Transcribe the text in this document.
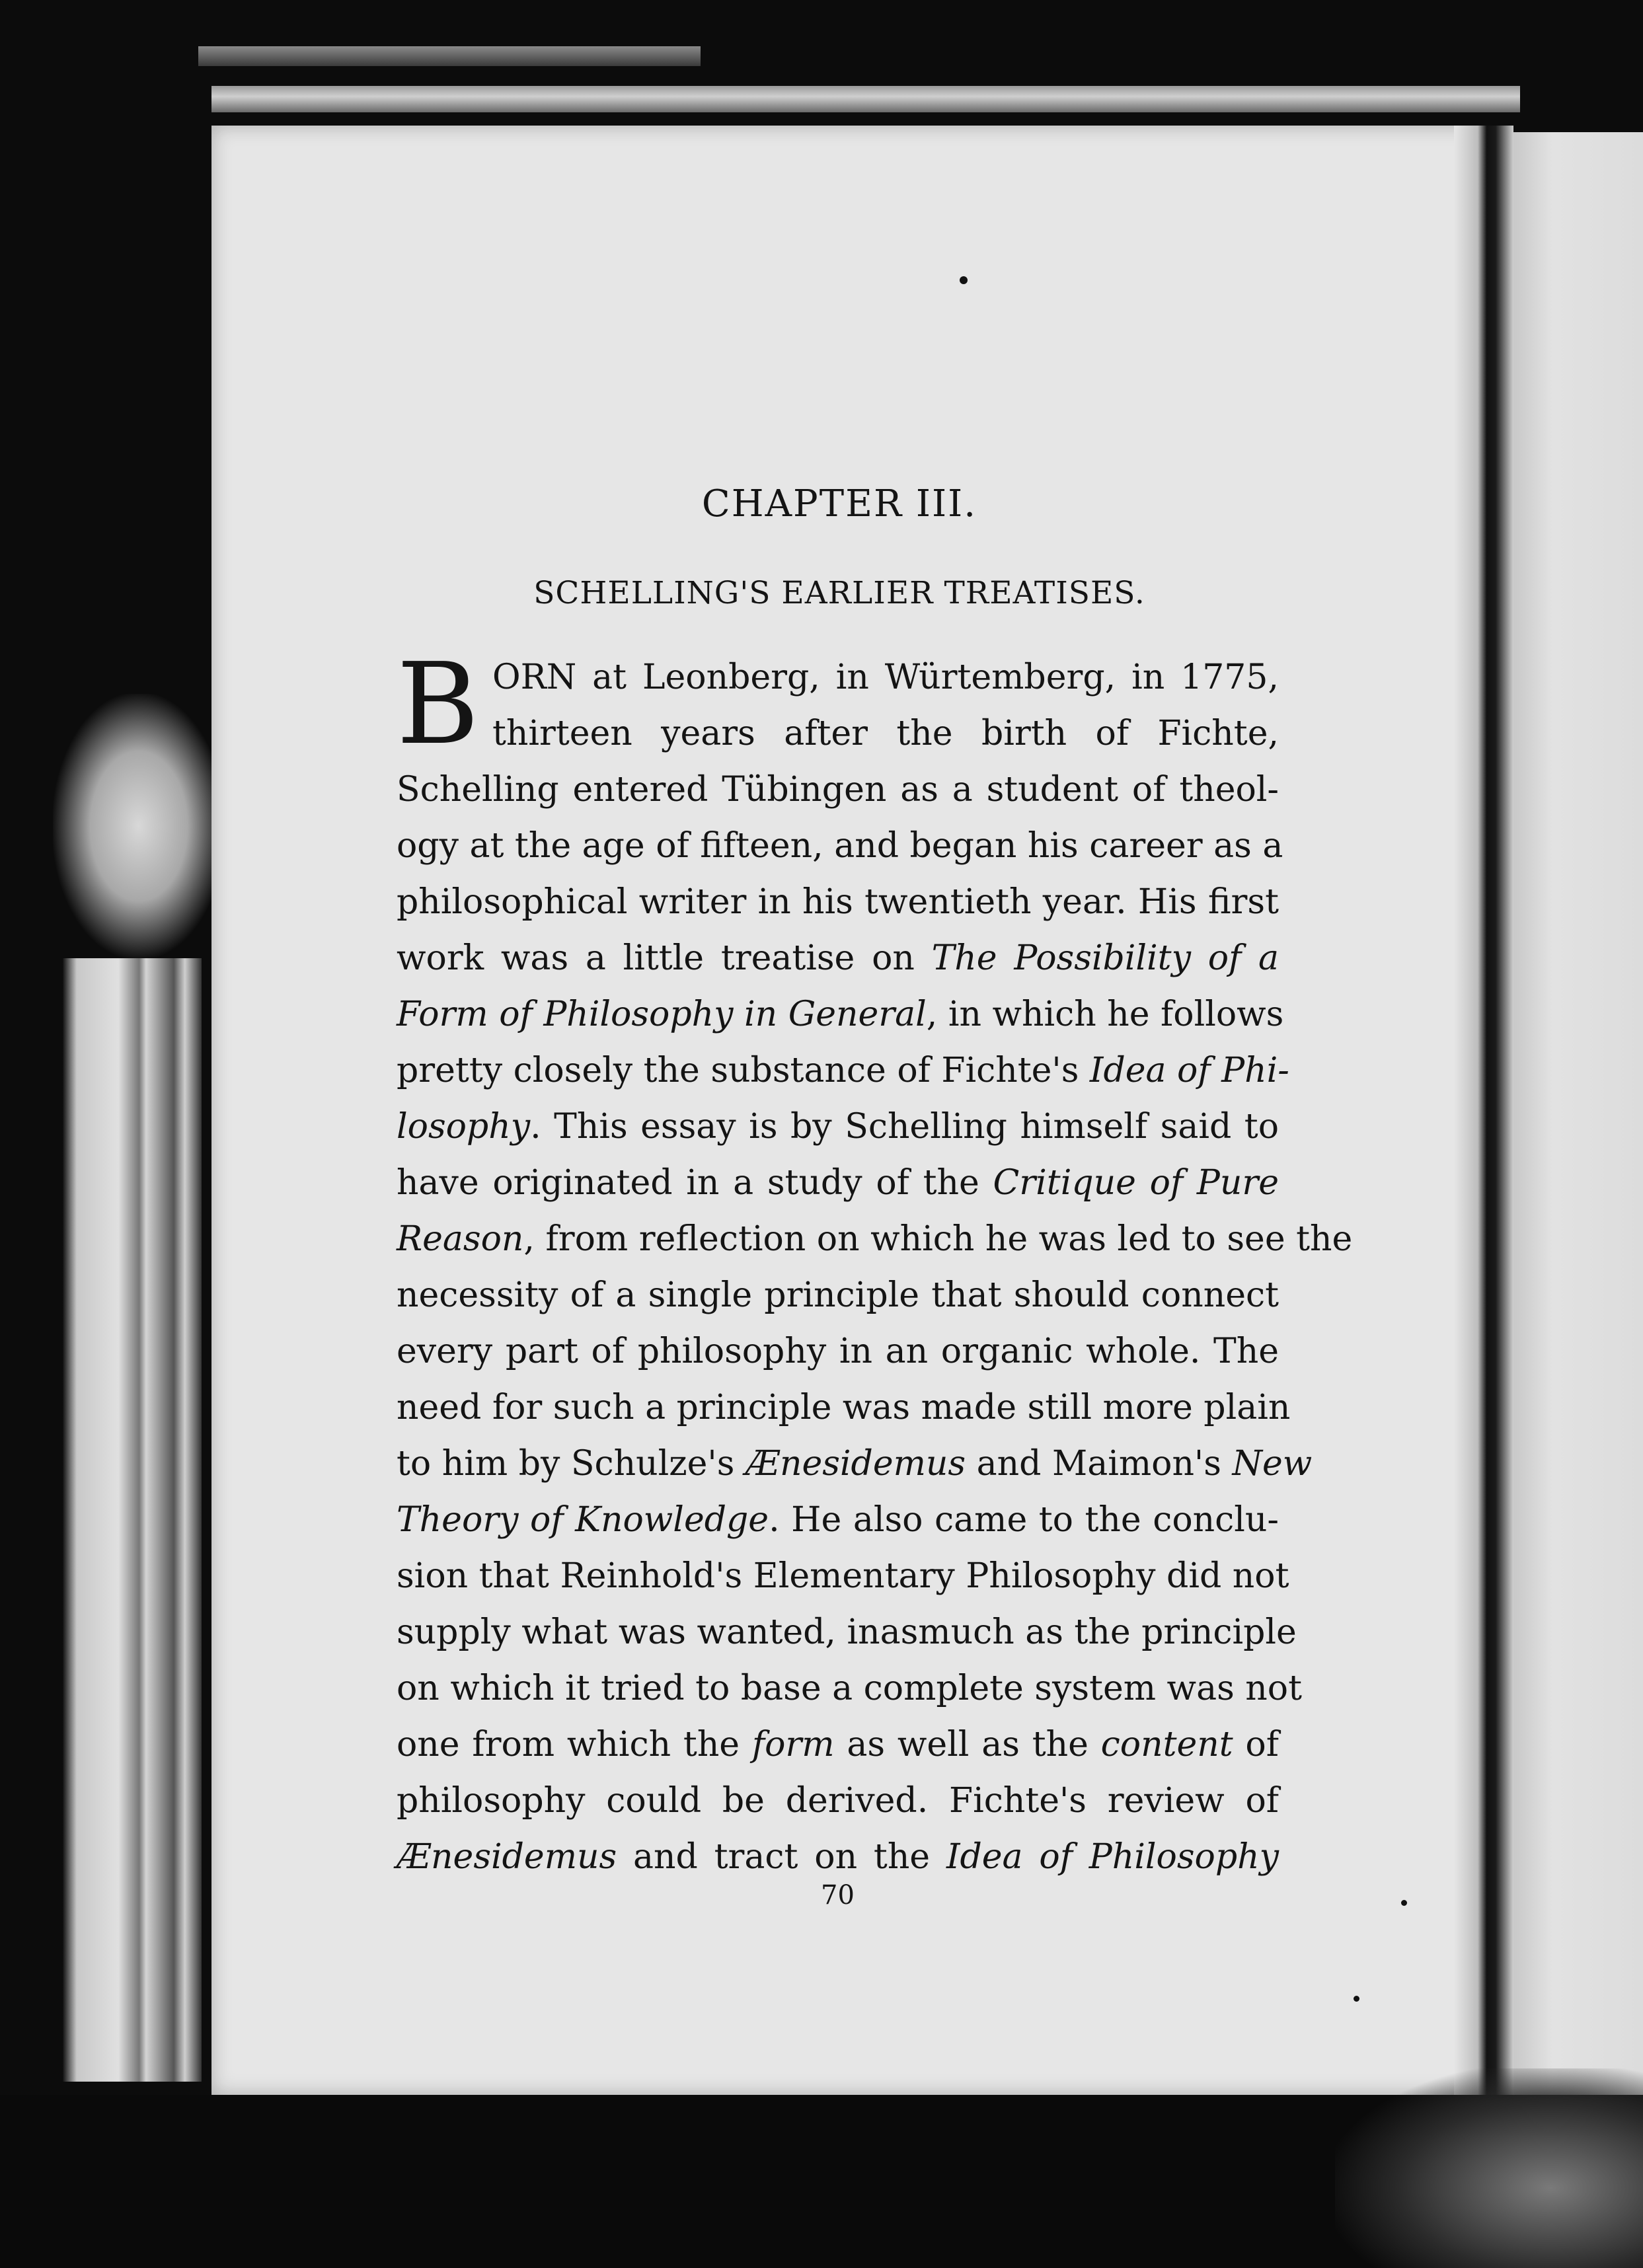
CHAPTER III.
SCHELLING'S EARLIER TREATISES.
B ORN at Leonberg, in Würtemberg, in 1775,
thirteen years after the birth of Fichte,
Schelling entered Tübingen as a student of theol-
ogy at the age of fifteen, and began his career as a
philosophical writer in his twentieth year. His first
work was a little treatise on The Possibility of a
Form of Philosophy in General, in which he follows
pretty closely the substance of Fichte's Idea of Phi-
losophy. This essay is by Schelling himself said to
have originated in a study of the Critique of Pure
Reason, from reflection on which he was led to see the
necessity of a single principle that should connect
every part of philosophy in an organic whole. The
need for such a principle was made still more plain
to him by Schulze's Ænesidemus and Maimon's New
Theory of Knowledge. He also came to the conclu-
sion that Reinhold's Elementary Philosophy did not
supply what was wanted, inasmuch as the principle
on which it tried to base a complete system was not
one from which the form as well as the content of
philosophy could be derived. Fichte's review of
Ænesidemus and tract on the Idea of Philosophy
70
